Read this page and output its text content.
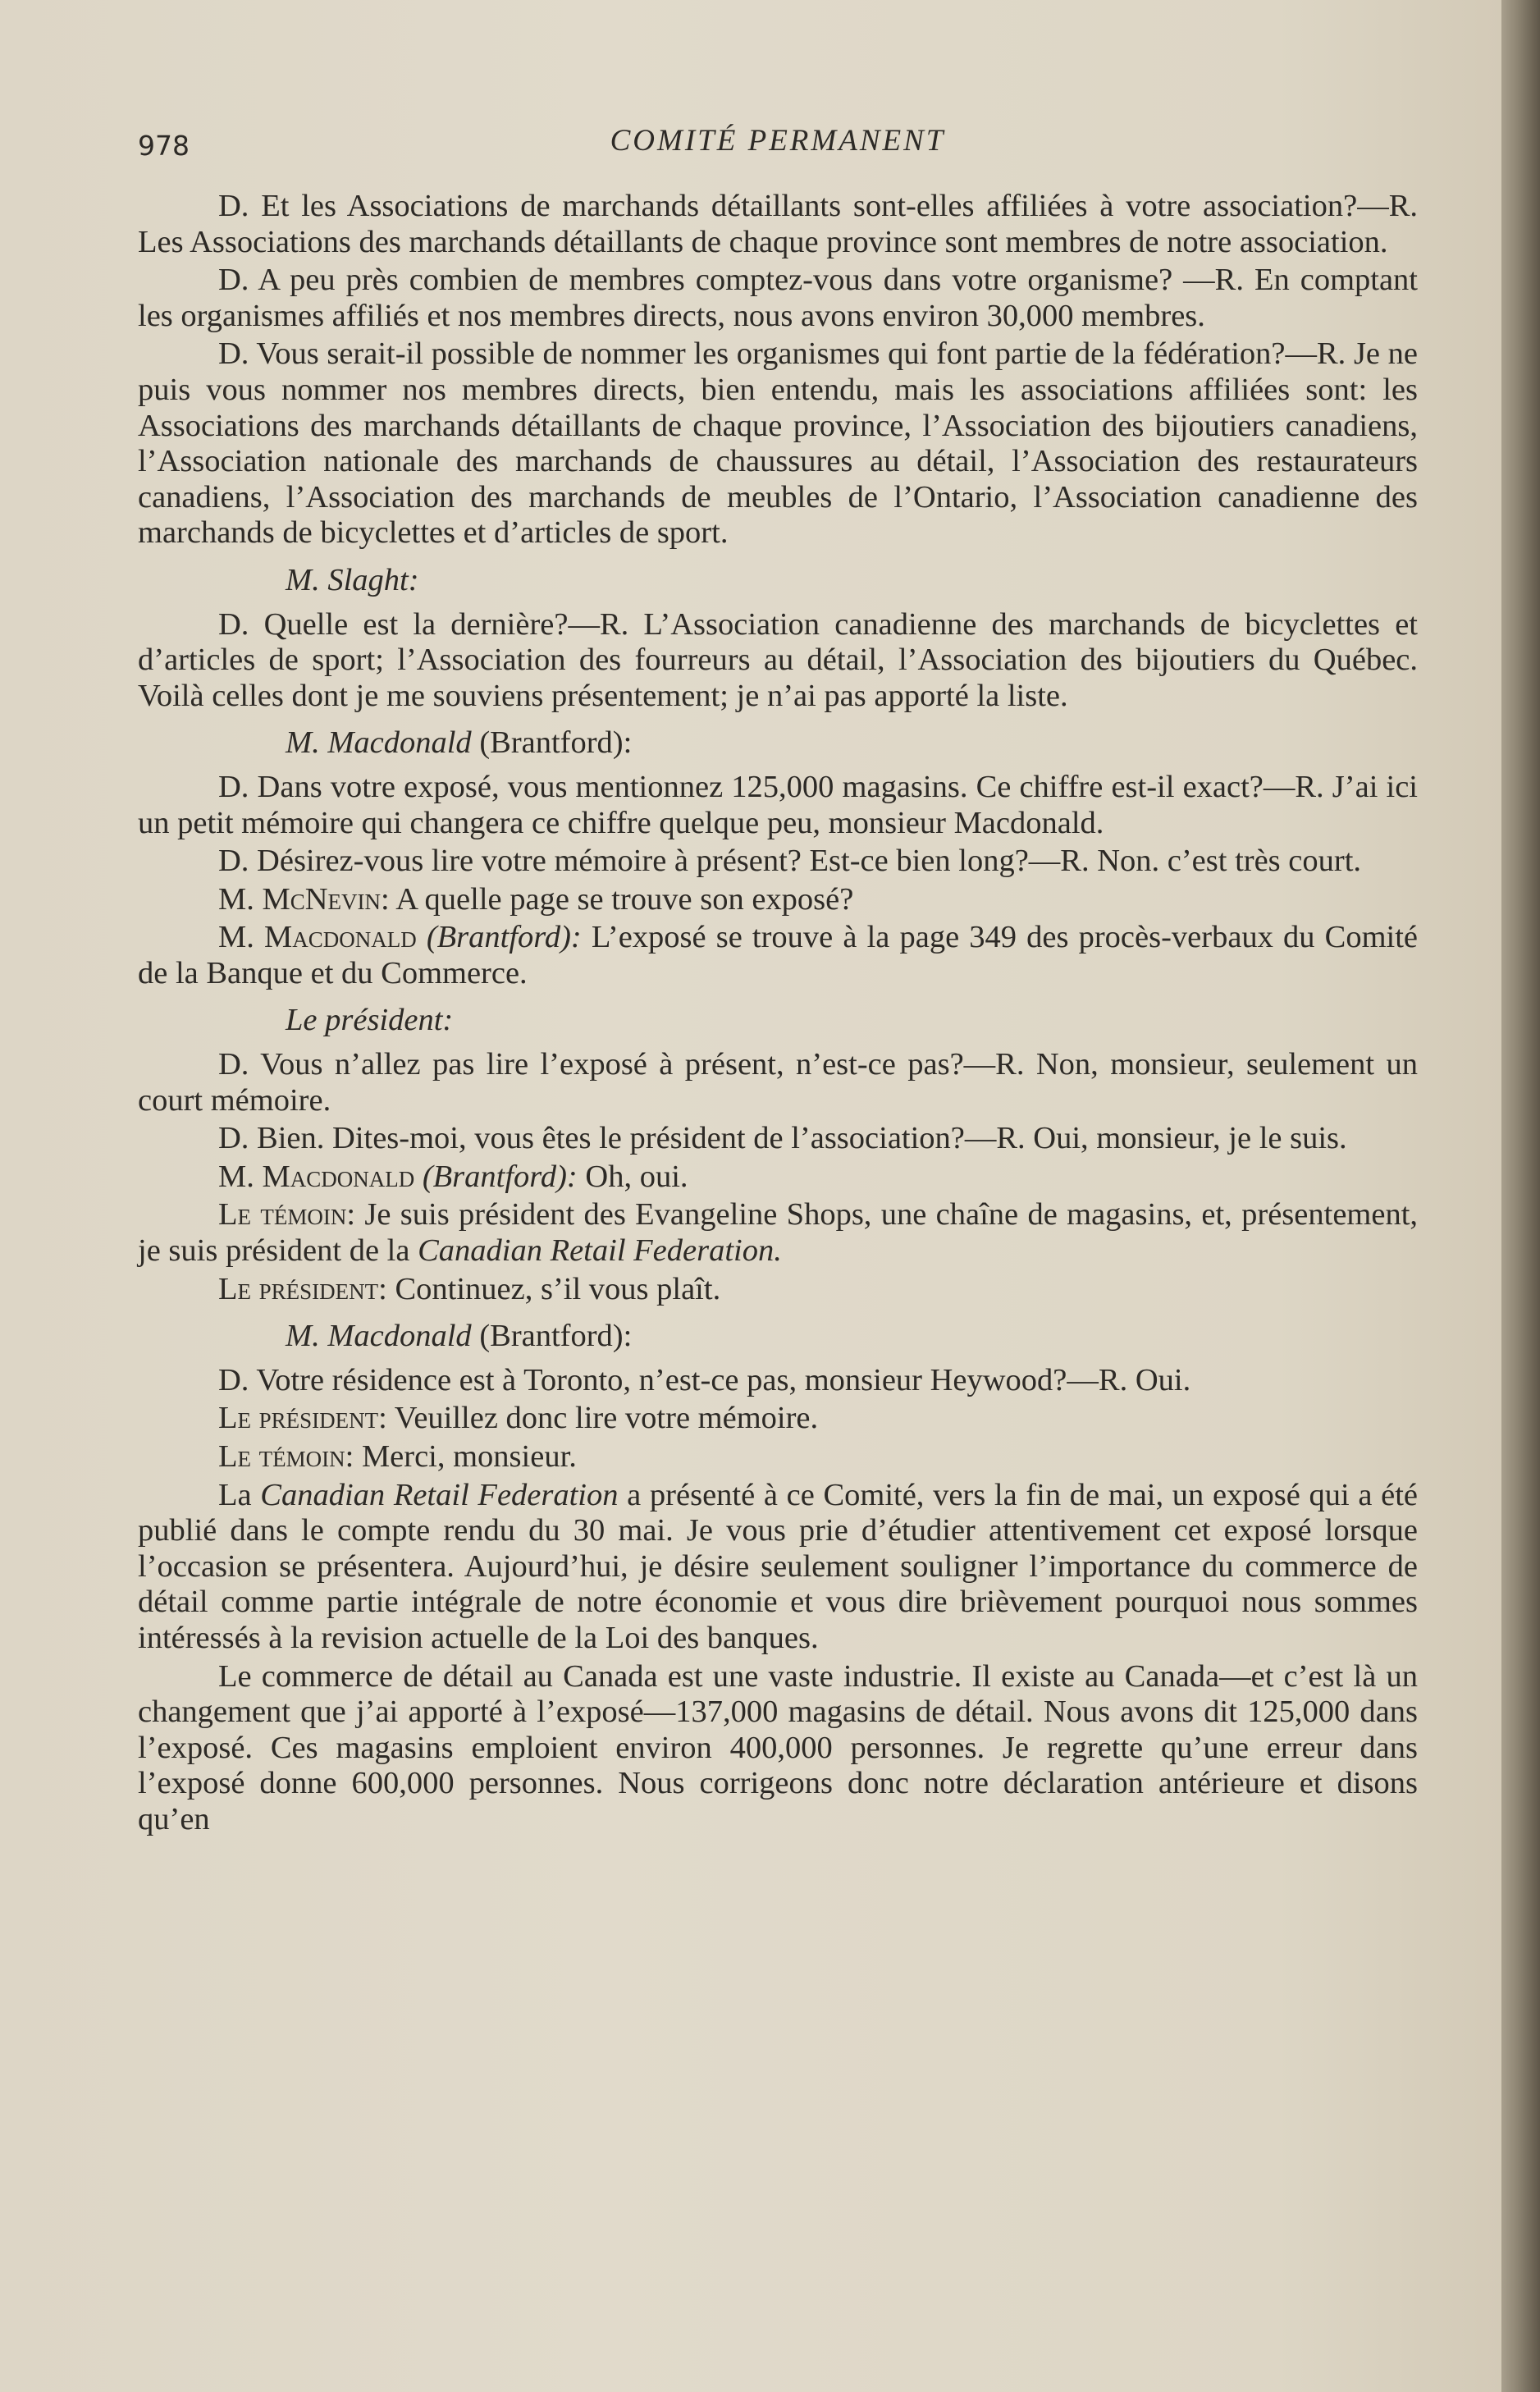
978	COMITÉ PERMANENT

D. Et les Associations de marchands détaillants sont-elles affiliées à votre association?—R. Les Associations des marchands détaillants de chaque province sont membres de notre association.

D. A peu près combien de membres comptez-vous dans votre organisme? —R. En comptant les organismes affiliés et nos membres directs, nous avons environ 30,000 membres.

D. Vous serait-il possible de nommer les organismes qui font partie de la fédération?—R. Je ne puis vous nommer nos membres directs, bien entendu, mais les associations affiliées sont: les Associations des marchands détaillants de chaque province, l’Association des bijoutiers canadiens, l’Association nationale des marchands de chaussures au détail, l’Association des restaurateurs canadiens, l’Association des marchands de meubles de l’Ontario, l’Association canadienne des marchands de bicyclettes et d’articles de sport.

M. Slaght:

D. Quelle est la dernière?—R. L’Association canadienne des marchands de bicyclettes et d’articles de sport; l’Association des fourreurs au détail, l’Association des bijoutiers du Québec. Voilà celles dont je me souviens présentement; je n’ai pas apporté la liste.

M. Macdonald (Brantford):

D. Dans votre exposé, vous mentionnez 125,000 magasins. Ce chiffre est-il exact?—R. J’ai ici un petit mémoire qui changera ce chiffre quelque peu, monsieur Macdonald.

D. Désirez-vous lire votre mémoire à présent? Est-ce bien long?—R. Non. c’est très court.

M. McNevin: A quelle page se trouve son exposé?

M. Macdonald (Brantford): L’exposé se trouve à la page 349 des procès-verbaux du Comité de la Banque et du Commerce.

Le président:

D. Vous n’allez pas lire l’exposé à présent, n’est-ce pas?—R. Non, monsieur, seulement un court mémoire.

D. Bien. Dites-moi, vous êtes le président de l’association?—R. Oui, monsieur, je le suis.

M. Macdonald (Brantford): Oh, oui.

Le témoin: Je suis président des Evangeline Shops, une chaîne de magasins, et, présentement, je suis président de la Canadian Retail Federation.

Le président: Continuez, s’il vous plaît.

M. Macdonald (Brantford):

D. Votre résidence est à Toronto, n’est-ce pas, monsieur Heywood?—R. Oui.

Le président: Veuillez donc lire votre mémoire.

Le témoin: Merci, monsieur.

La Canadian Retail Federation a présenté à ce Comité, vers la fin de mai, un exposé qui a été publié dans le compte rendu du 30 mai. Je vous prie d’étudier attentivement cet exposé lorsque l’occasion se présentera. Aujourd’hui, je désire seulement souligner l’importance du commerce de détail comme partie intégrale de notre économie et vous dire brièvement pourquoi nous sommes intéressés à la revision actuelle de la Loi des banques.

Le commerce de détail au Canada est une vaste industrie. Il existe au Canada—et c’est là un changement que j’ai apporté à l’exposé—137,000 magasins de détail. Nous avons dit 125,000 dans l’exposé. Ces magasins emploient environ 400,000 personnes. Je regrette qu’une erreur dans l’exposé donne 600,000 personnes. Nous corrigeons donc notre déclaration antérieure et disons qu’en
